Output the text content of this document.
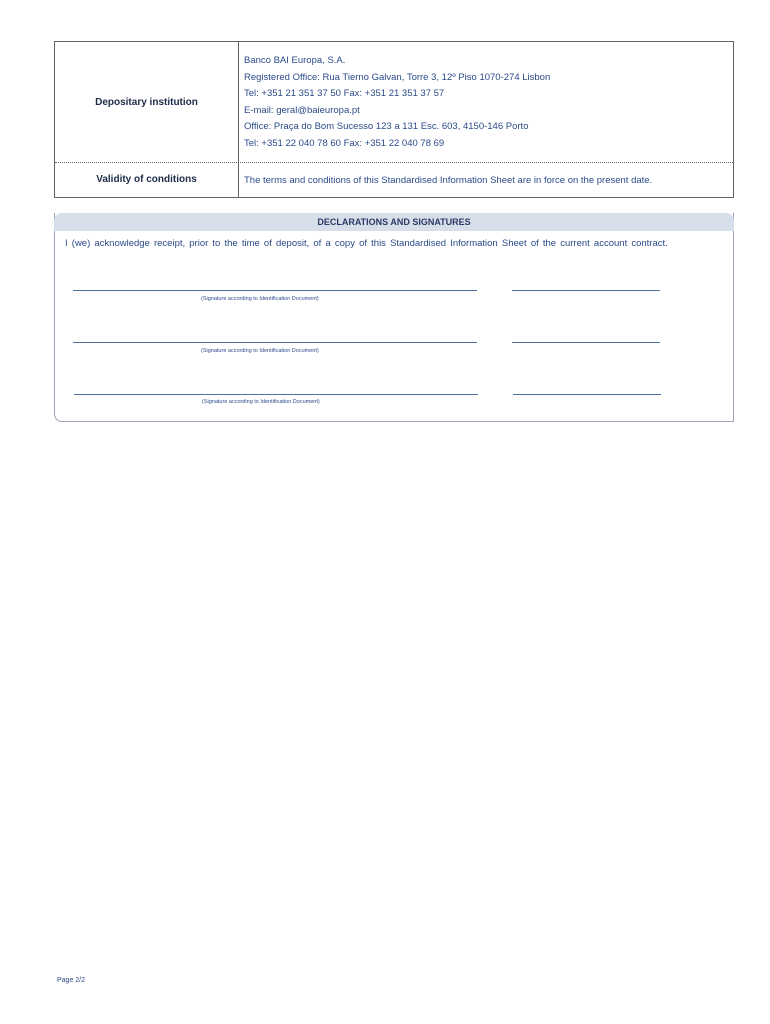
Depositary institution
Banco BAI Europa, S.A.
Registered Office: Rua Tierno Galvan, Torre 3, 12º Piso 1070-274 Lisbon
Tel: +351 21 351 37 50 Fax: +351 21 351 37 57
E-mail: geral@baieuropa.pt
Office: Praça do Bom Sucesso 123 a 131 Esc. 603, 4150-146 Porto
Tel: +351 22 040 78 60 Fax: +351 22 040 78 69
Validity of conditions	The terms and conditions of this Standardised Information Sheet are in force on the present date.
DECLARATIONS AND SIGNATURES
I (we) acknowledge receipt, prior to the time of deposit, of a copy of this Standardised Information Sheet of the current account contract.
(Signature according to Identification Document)
(Signature according to Identification Document)
(Signature according to Identification Document)
Page 2/2
